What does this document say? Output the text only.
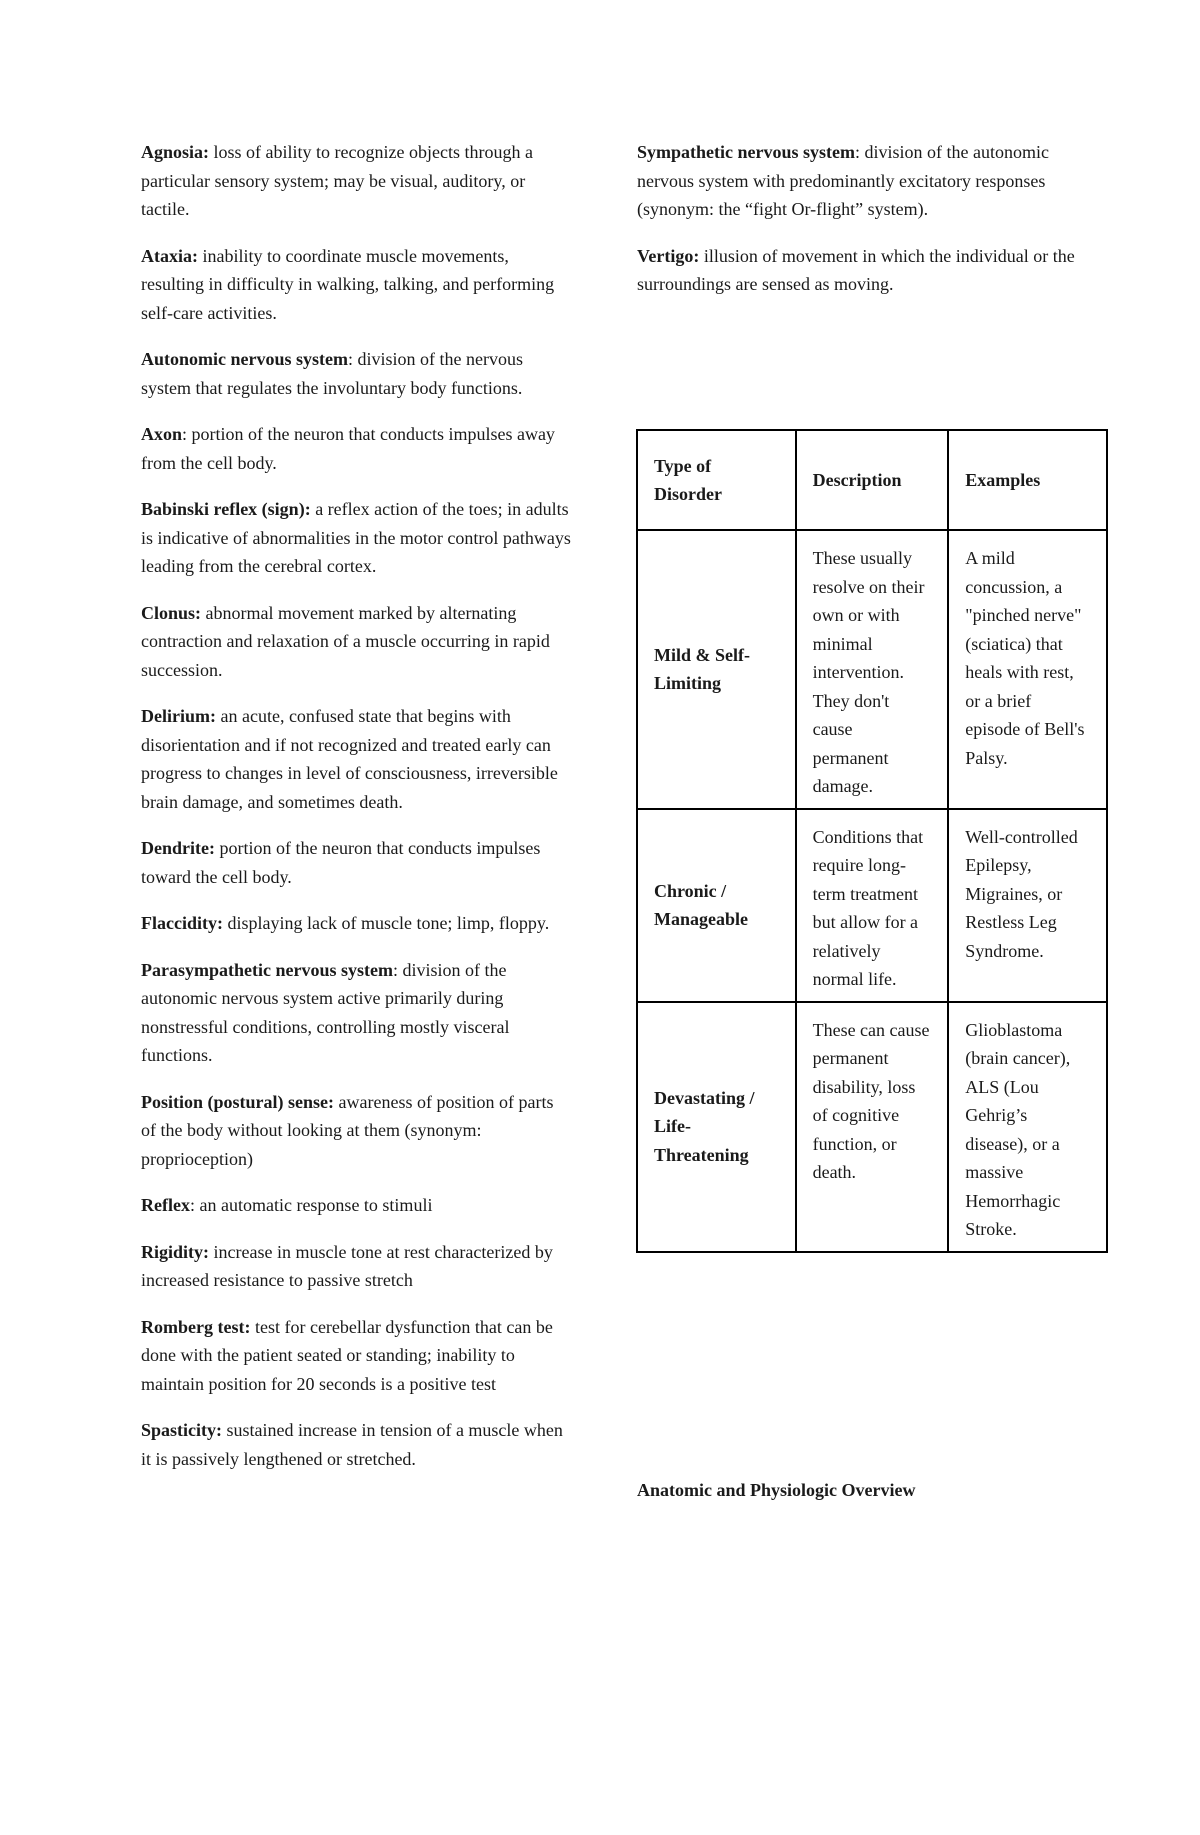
Agnosia: loss of ability to recognize objects through a particular sensory system; may be visual, auditory, or tactile.

Ataxia: inability to coordinate muscle movements, resulting in difficulty in walking, talking, and performing self-care activities.

Autonomic nervous system: division of the nervous system that regulates the involuntary body functions.

Axon: portion of the neuron that conducts impulses away from the cell body.

Babinski reflex (sign): a reflex action of the toes; in adults is indicative of abnormalities in the motor control pathways leading from the cerebral cortex.

Clonus: abnormal movement marked by alternating contraction and relaxation of a muscle occurring in rapid succession.

Delirium: an acute, confused state that begins with disorientation and if not recognized and treated early can progress to changes in level of consciousness, irreversible brain damage, and sometimes death.

Dendrite: portion of the neuron that conducts impulses toward the cell body.

Flaccidity: displaying lack of muscle tone; limp, floppy.

Parasympathetic nervous system: division of the autonomic nervous system active primarily during nonstressful conditions, controlling mostly visceral functions.

Position (postural) sense: awareness of position of parts of the body without looking at them (synonym: proprioception)

Reflex: an automatic response to stimuli

Rigidity: increase in muscle tone at rest characterized by increased resistance to passive stretch

Romberg test: test for cerebellar dysfunction that can be done with the patient seated or standing; inability to maintain position for 20 seconds is a positive test

Spasticity: sustained increase in tension of a muscle when it is passively lengthened or stretched.

Sympathetic nervous system: division of the autonomic nervous system with predominantly excitatory responses (synonym: the “fight Or-flight” system).

Vertigo: illusion of movement in which the individual or the surroundings are sensed as moving.

Type of Disorder	Description	Examples
Mild & Self-Limiting	These usually resolve on their own or with minimal intervention. They don't cause permanent damage.	A mild concussion, a "pinched nerve" (sciatica) that heals with rest, or a brief episode of Bell's Palsy.
Chronic / Manageable	Conditions that require long-term treatment but allow for a relatively normal life.	Well-controlled Epilepsy, Migraines, or Restless Leg Syndrome.
Devastating / Life-Threatening	These can cause permanent disability, loss of cognitive function, or death.	Glioblastoma (brain cancer), ALS (Lou Gehrig’s disease), or a massive Hemorrhagic Stroke.
Anatomic and Physiologic Overview
